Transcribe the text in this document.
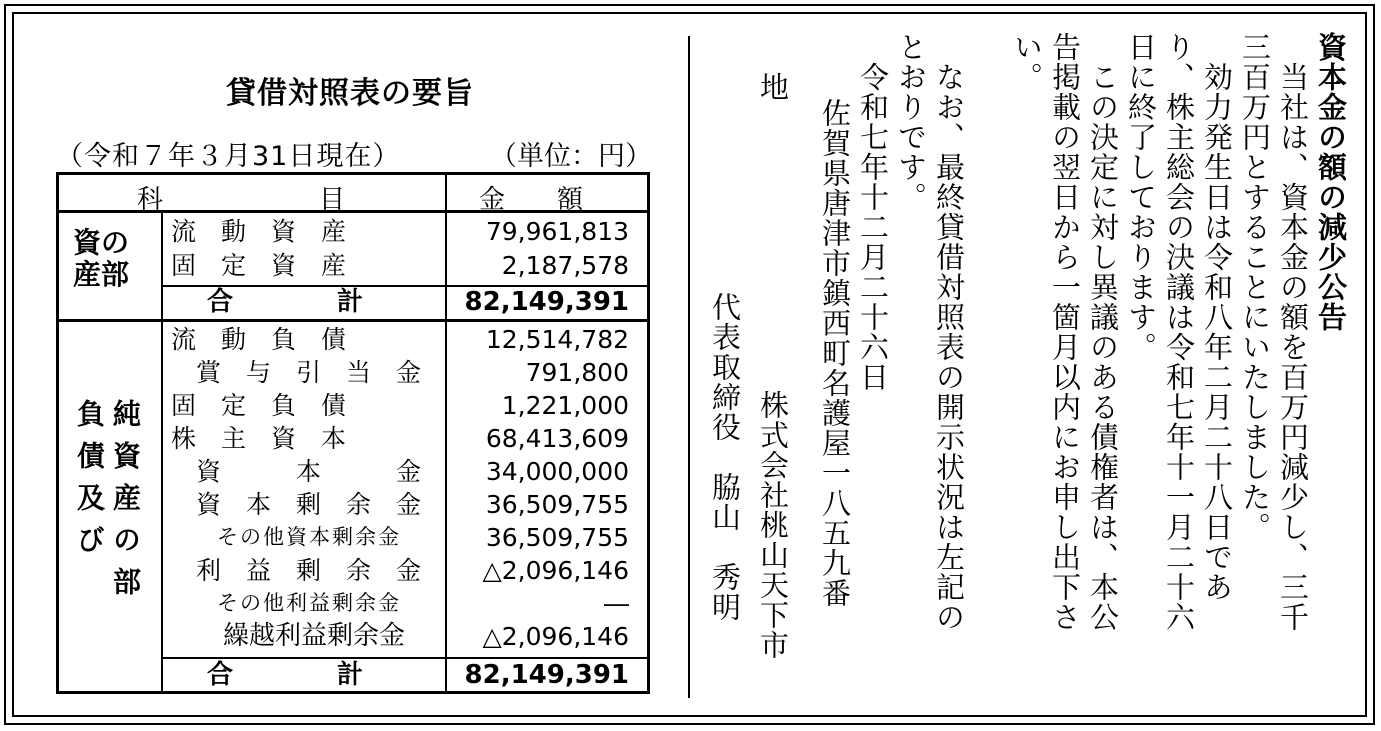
貸借対照表の要旨
（令和７年３月31日現在）	（単位：円）
科　　　　　　目	金　　額
資の
産部
流　動　資　産	79,961,813
固　定　資　産	2,187,578
合　　　　計	82,149,391
純資産の部
負債及び
流　動　負　債	12,514,782
　賞　与　引　当　金	791,800
固　定　負　債	1,221,000
株　主　資　本	68,413,609
　資　　　本　　　金	34,000,000
　資　本　剰　余　金	36,509,755
　　その他資本剰余金	36,509,755
　利　益　剰　余　金 △2,096,146
　　その他利益剰余金	―
　　繰越利益剰余金	△2,096,146
合　　　　計	82,149,391
資本金の額の減少公告
　当社は、資本金の額を百万円減少し、三千
三百万円とすることにいたしました。
　効力発生日は令和八年二月二十八日であ
り、株主総会の決議は令和七年十一月二十六
日に終了しております。
　この決定に対し異議のある債権者は、本公
告掲載の翌日から一箇月以内にお申し出下さ
い。
　なお、最終貸借対照表の開示状況は左記の
とおりです。
　令和七年十二月二十六日
　佐賀県唐津市鎮西町名護屋一八五九番
地
株式会社桃山天下市
代表取締役　脇山　秀明
